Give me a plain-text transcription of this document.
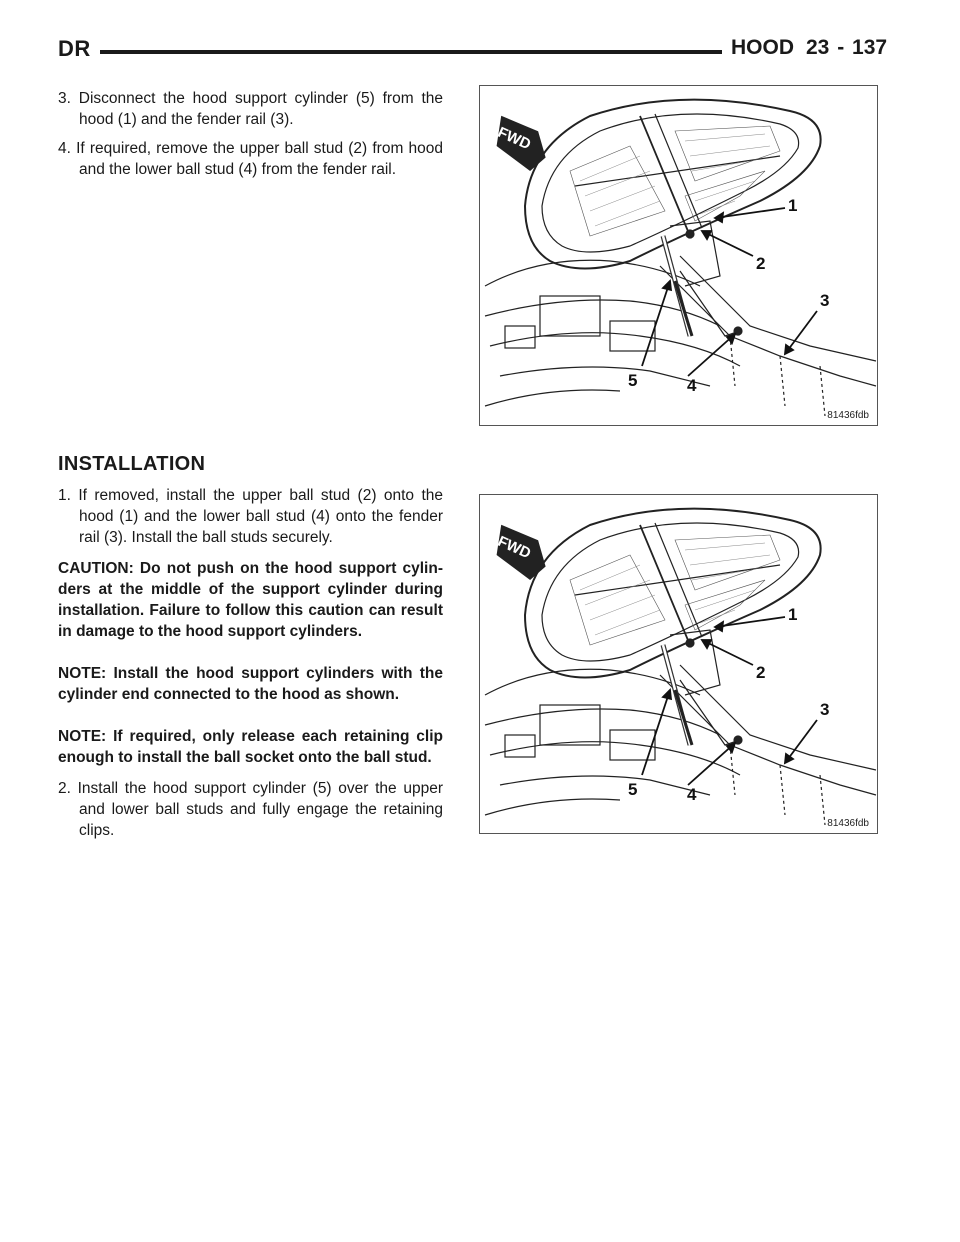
DR	HOOD 23 - 137

3. Disconnect the hood support cylinder (5) from the hood (1) and the fender rail (3).

4. If required, remove the upper ball stud (2) from hood and the lower ball stud (4) from the fender rail.

FWD
1
2
3
4
5
81436fdb
INSTALLATION

1. If removed, install the upper ball stud (2) onto the hood (1) and the lower ball stud (4) onto the fender rail (3). Install the ball studs securely.

CAUTION: Do not push on the hood support cylin-ders at the middle of the support cylinder during installation. Failure to follow this caution can result in damage to the hood support cylinders.

NOTE: Install the hood support cylinders with the cylinder end connected to the hood as shown.

NOTE: If required, only release each retaining clip enough to install the ball socket onto the ball stud.

2. Install the hood support cylinder (5) over the upper and lower ball studs and fully engage the retaining clips.

FWD
1
2
3
4
5
81436fdb
